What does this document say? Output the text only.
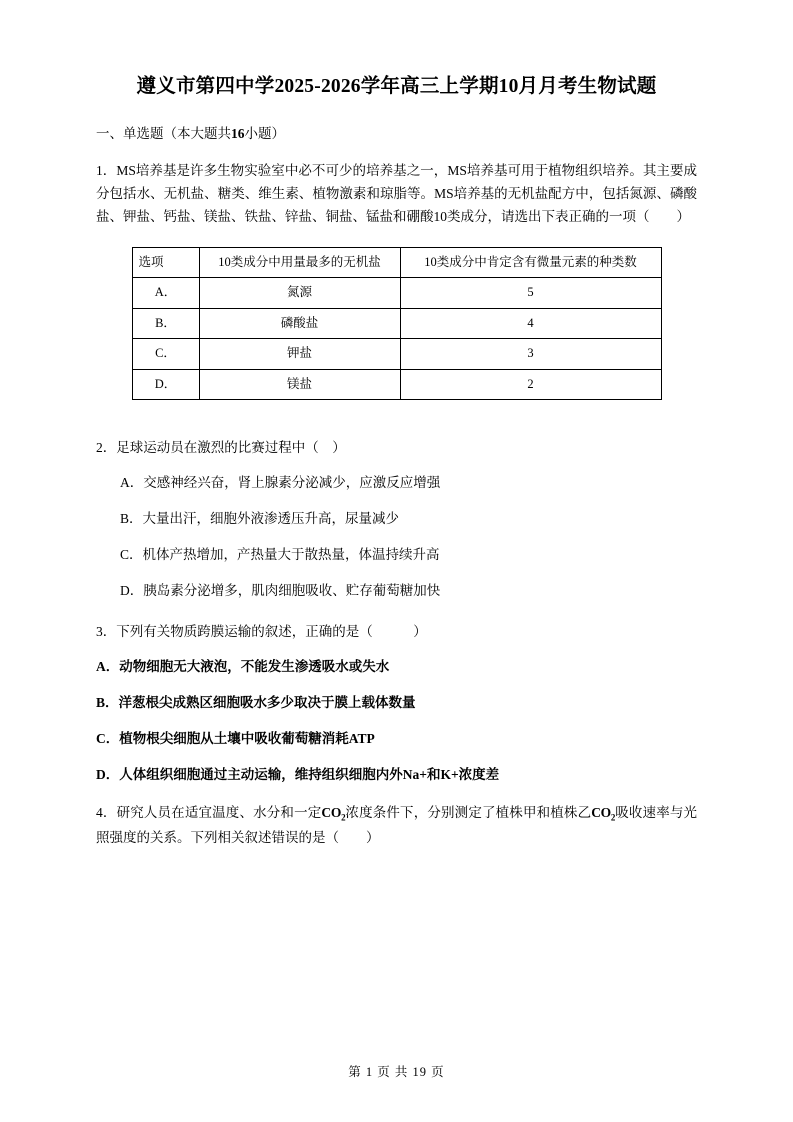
遵义市第四中学2025-2026学年高三上学期10月月考生物试题
一、单选题（本大题共16小题）
1．MS培养基是许多生物实验室中必不可少的培养基之一，MS培养基可用于植物组织培养。其主要成分包括水、无机盐、糖类、维生素、植物激素和琼脂等。MS培养基的无机盐配方中，包括氮源、磷酸盐、钾盐、钙盐、镁盐、铁盐、锌盐、铜盐、锰盐和硼酸10类成分，请选出下表正确的一项（　　）
选项	10类成分中用量最多的无机盐	10类成分中肯定含有微量元素的种类数
A．	氮源	5
B．	磷酸盐	4
C．	钾盐	3
D．	镁盐	2
2．足球运动员在激烈的比赛过程中（　）
A．交感神经兴奋，肾上腺素分泌减少，应激反应增强
B．大量出汗，细胞外液渗透压升高，尿量减少
C．机体产热增加，产热量大于散热量，体温持续升高
D．胰岛素分泌增多，肌肉细胞吸收、贮存葡萄糖加快
3．下列有关物质跨膜运输的叙述，正确的是（　　　）
A．动物细胞无大液泡，不能发生渗透吸水或失水
B．洋葱根尖成熟区细胞吸水多少取决于膜上载体数量
C．植物根尖细胞从土壤中吸收葡萄糖消耗ATP
D．人体组织细胞通过主动运输，维持组织细胞内外Na+和K+浓度差
4．研究人员在适宜温度、水分和一定$CO_2$浓度条件下，分别测定了植株甲和植株乙$CO_2$吸收速率与光照强度的关系。下列相关叙述错误的是（　　）
第 1 页 共 19 页
